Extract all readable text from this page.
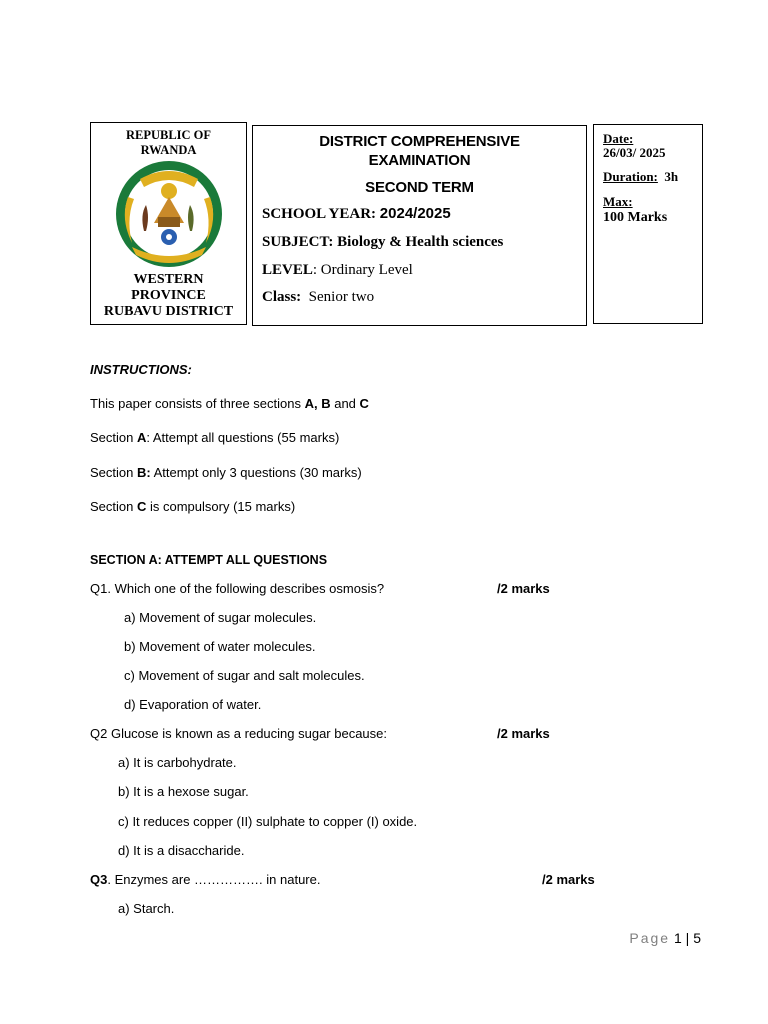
REPUBLIC OF
RWANDA
WESTERN
PROVINCE
RUBAVU DISTRICT
DISTRICT COMPREHENSIVE
EXAMINATION
SECOND TERM
SCHOOL YEAR: 2024/2025
SUBJECT: Biology & Health sciences
LEVEL: Ordinary Level
Class: Senior two
Date:
26/03/ 2025
Duration: 3h
Max:
100 Marks
INSTRUCTIONS:
This paper consists of three sections A, B and C
Section A: Attempt all questions (55 marks)
Section B: Attempt only 3 questions (30 marks)
Section C is compulsory (15 marks)
SECTION A: ATTEMPT ALL QUESTIONS
Q1. Which one of the following describes osmosis?	/2 marks
a) Movement of sugar molecules.
b) Movement of water molecules.
c) Movement of sugar and salt molecules.
d) Evaporation of water.
Q2 Glucose is known as a reducing sugar because:	/2 marks
a) It is carbohydrate.
b) It is a hexose sugar.
c) It reduces copper (II) sulphate to copper (I) oxide.
d) It is a disaccharide.
Q3. Enzymes are ……………. in nature.	/2 marks
a) Starch.
Page 1 | 5
